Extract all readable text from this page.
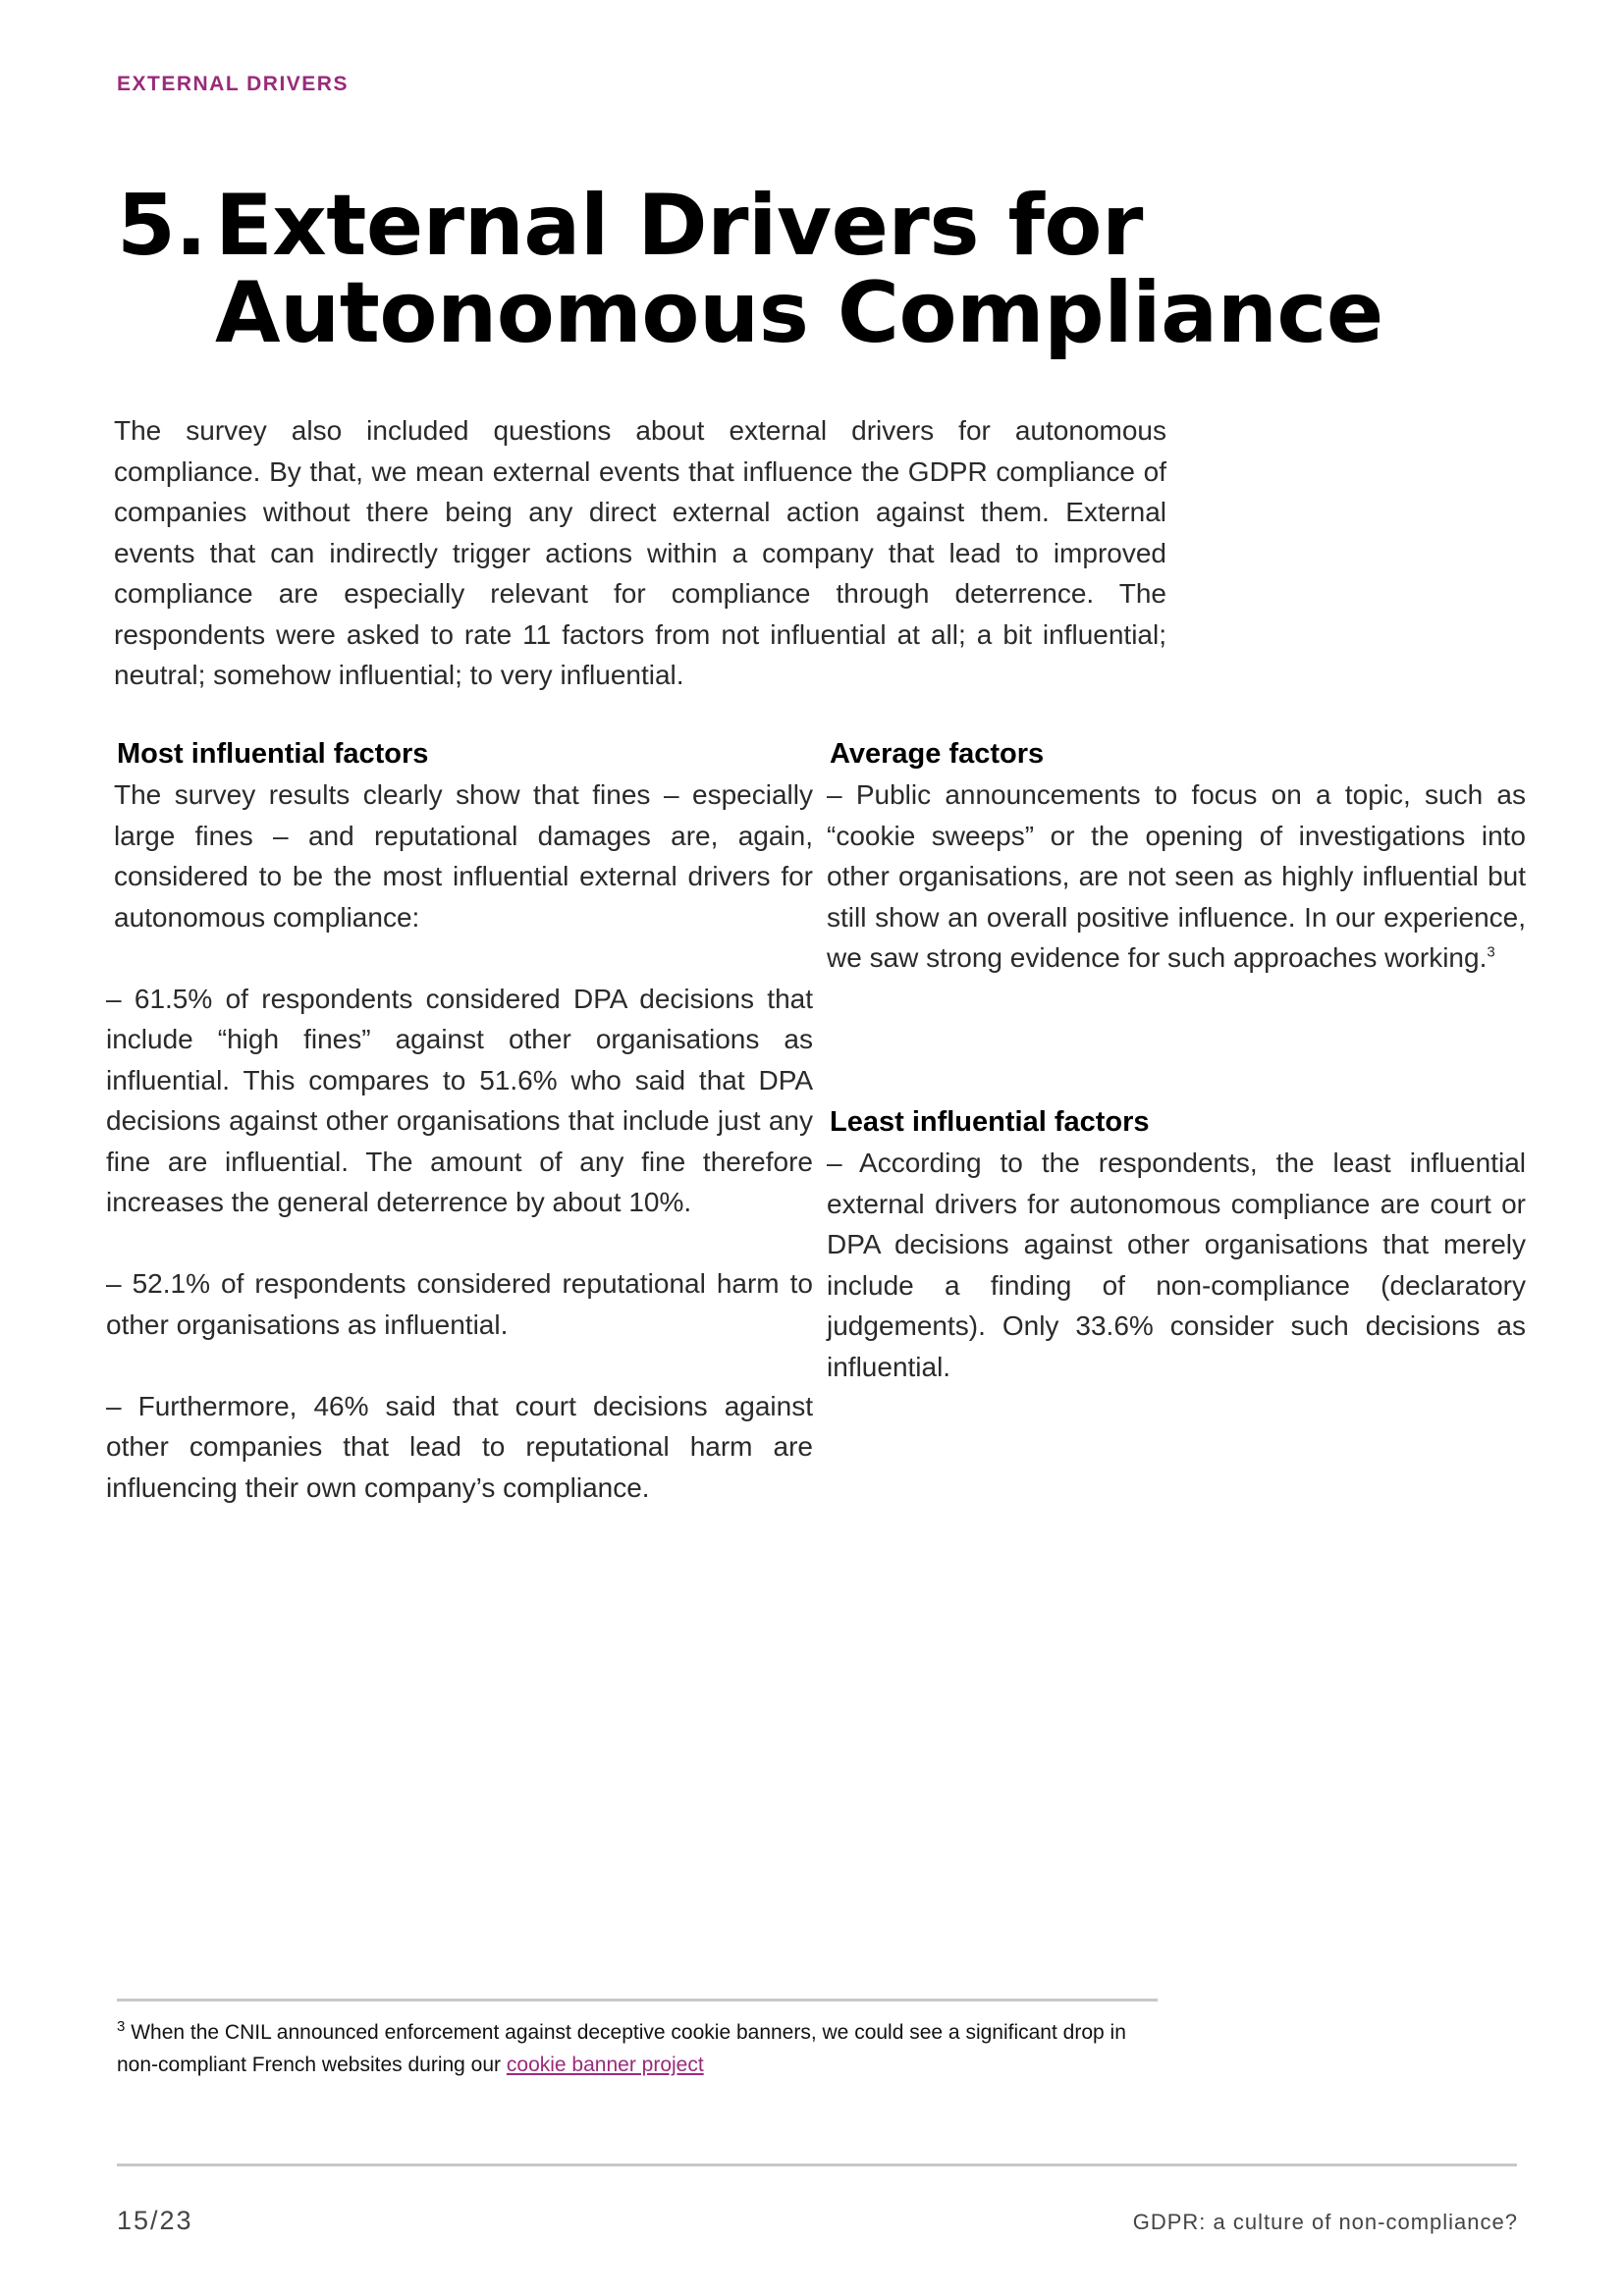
EXTERNAL DRIVERS
5.External Drivers for
Autonomous Compliance

The survey also included questions about external drivers for autonomous compliance. By that, we mean external events that influence the GDPR compliance of companies without there being any direct external action against them. External events that can indirectly trigger actions within a company that lead to improved compliance are especially relevant for compliance through deterrence. The respondents were asked to rate 11 factors from not influential at all; a bit influential; neutral; somehow influential; to very influential.

Most influential factors

The survey results clearly show that fines – especially large fines – and reputational damages are, again, considered to be the most influential external drivers for autonomous compliance:

– 61.5% of respondents considered DPA decisions that include “high fines” against other organisations as influential. This compares to 51.6% who said that DPA decisions against other organisations that include just any fine are influential. The amount of any fine therefore increases the general deterrence by about 10%.

– 52.1% of respondents considered reputational harm to other organisations as influential.

– Furthermore, 46% said that court decisions against other companies that lead to reputational harm are influencing their own company’s compliance.

Average factors

– Public announcements to focus on a topic, such as “cookie sweeps” or the opening of investigations into other organisations, are not seen as highly influential but still show an overall positive influence. In our experience, we saw strong evidence for such approaches working.$^3$

Least influential factors

– According to the respondents, the least influential external drivers for autonomous compliance are court or DPA decisions against other organisations that merely include a finding of non-compliance (declaratory judgements). Only 33.6% consider such decisions as influential.

$^3$ When the CNIL announced enforcement against deceptive cookie banners, we could see a significant drop in non-compliant French websites during our cookie banner project

15/23	GDPR: a culture of non-compliance?
